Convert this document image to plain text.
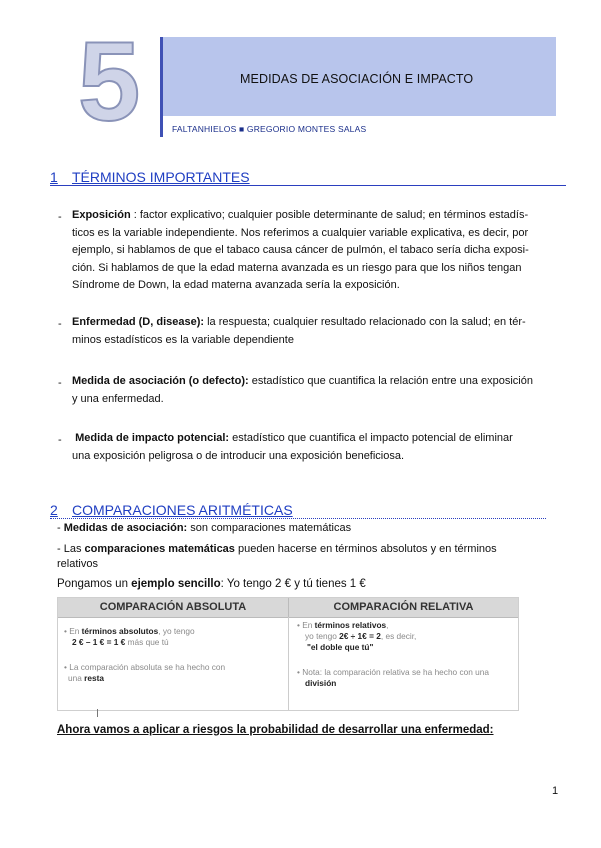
5	MEDIDAS DE ASOCIACIÓN E IMPACTO
FALTANHIELOS ■ GREGORIO MONTES SALAS
1 TÉRMINOS IMPORTANTES
- Exposición : factor explicativo; cualquier posible determinante de salud; en términos estadís-
ticos es la variable independiente. Nos referimos a cualquier variable explicativa, es decir, por
ejemplo, si hablamos de que el tabaco causa cáncer de pulmón, el tabaco sería dicha exposi-
ción. Si hablamos de que la edad materna avanzada es un riesgo para que los niños tengan
Síndrome de Down, la edad materna avanzada sería la exposición.
- Enfermedad (D, disease): la respuesta; cualquier resultado relacionado con la salud; en tér-
minos estadísticos es la variable dependiente
- Medida de asociación (o defecto): estadístico que cuantifica la relación entre una exposición
y una enfermedad.
- Medida de impacto potencial: estadístico que cuantifica el impacto potencial de eliminar
una exposición peligrosa o de introducir una exposición beneficiosa.
2 COMPARACIONES ARITMÉTICAS
- Medidas de asociación: son comparaciones matemáticas
- Las comparaciones matemáticas pueden hacerse en términos absolutos y en términos
relativos
Pongamos un ejemplo sencillo: Yo tengo 2 € y tú tienes 1 €
COMPARACIÓN ABSOLUTA	COMPARACIÓN RELATIVA
• En términos absolutos, yo tengo
2 € – 1 € = 1 € más que tú
• La comparación absoluta se ha hecho con
una resta
• En términos relativos,
yo tengo 2€ ÷ 1€ = 2, es decir,
"el doble que tú"
• Nota: la comparación relativa se ha hecho con una
división
Ahora vamos a aplicar a riesgos la probabilidad de desarrollar una enfermedad:
1
